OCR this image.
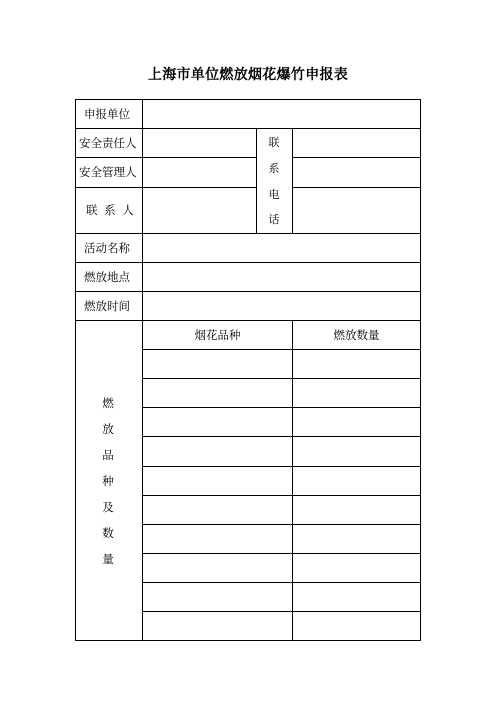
上海市单位燃放烟花爆竹申报表
申报单位
安全责任人
安全管理人
联 系 人
活动名称
燃放地点
燃放时间
联
系
电
话
烟花品种	燃放数量
燃
放
品
种
及
数
量
